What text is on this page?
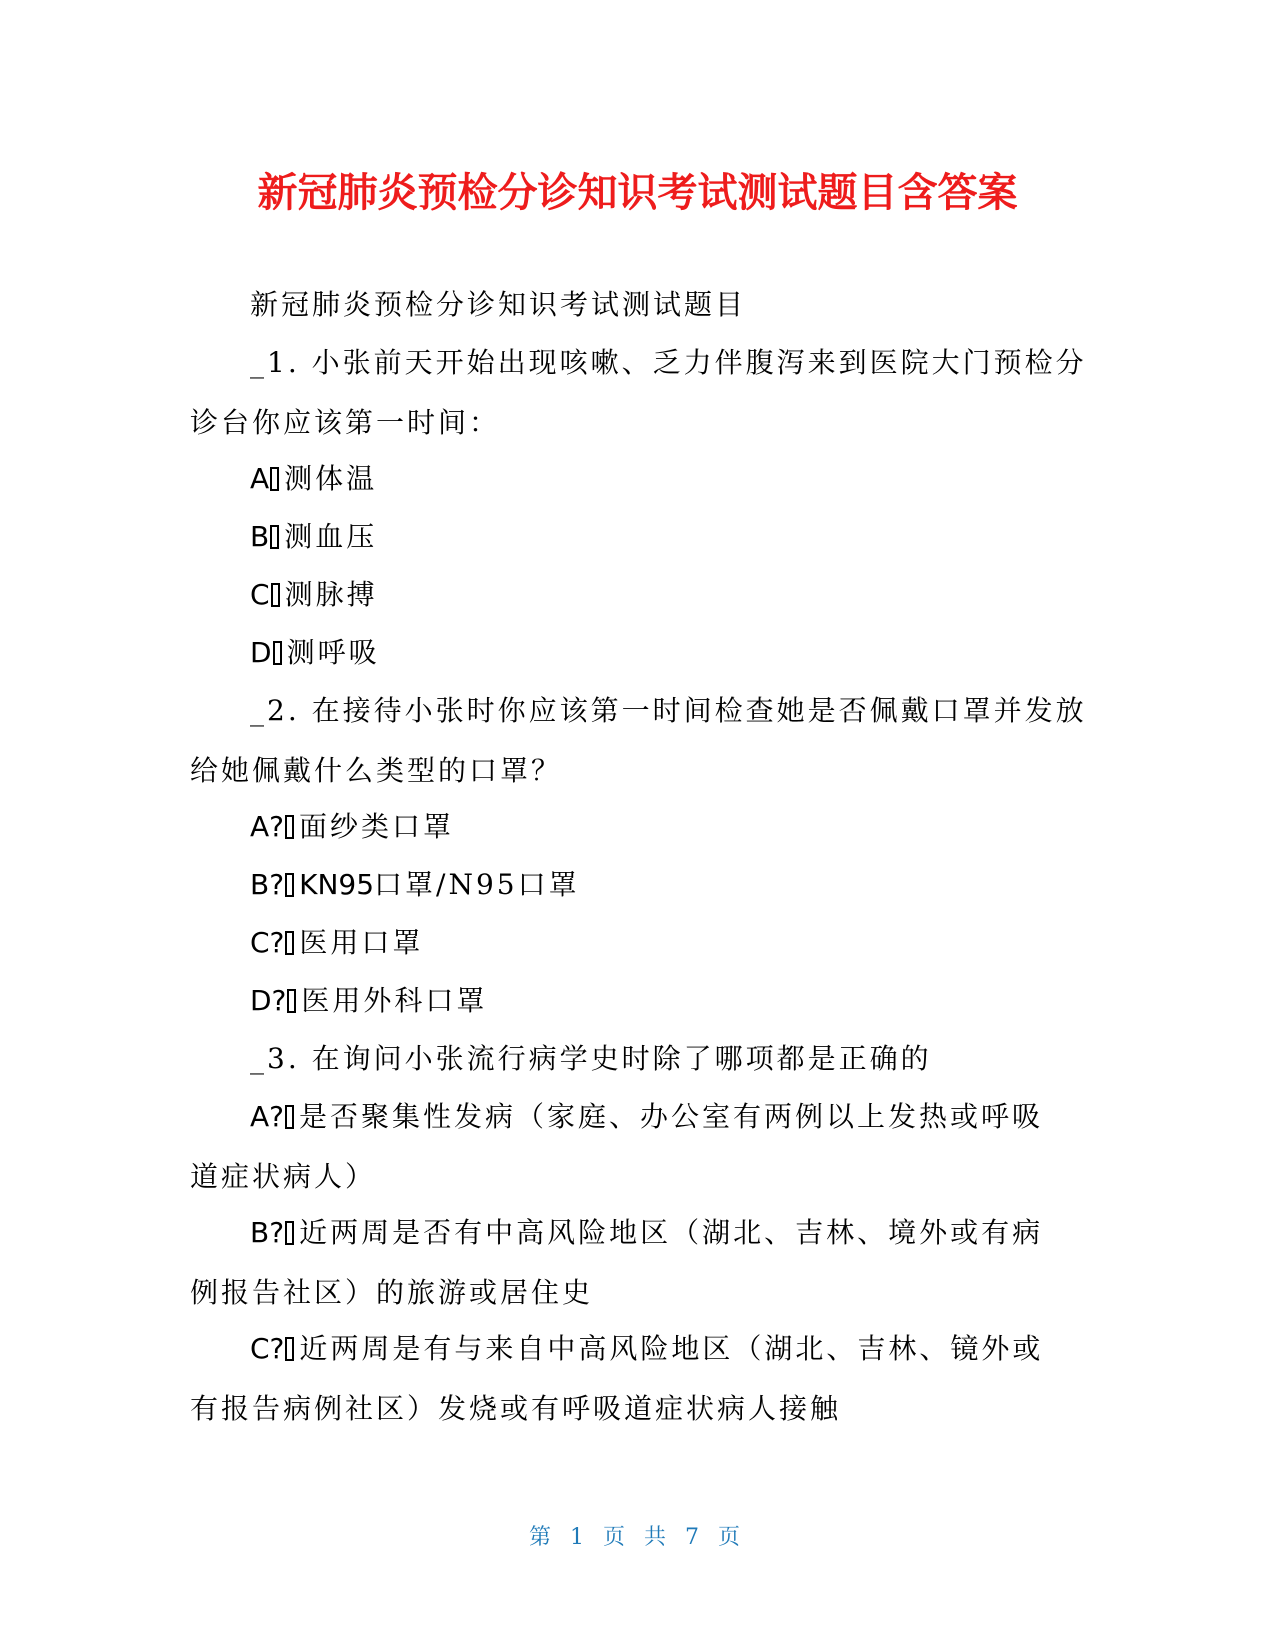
新冠肺炎预检分诊知识考试测试题目含答案

新冠肺炎预检分诊知识考试测试题目

_1. 小张前天开始出现咳嗽、乏力伴腹泻来到医院大门预检分
诊台你应该第一时间：

A 测体温

B 测血压

C 测脉搏

D 测呼吸

_2. 在接待小张时你应该第一时间检查她是否佩戴口罩并发放
给她佩戴什么类型的口罩？

A? 面纱类口罩

B? KN95口罩/N95口罩

C? 医用口罩

D? 医用外科口罩

_3. 在询问小张流行病学史时除了哪项都是正确的

A? 是否聚集性发病（家庭、办公室有两例以上发热或呼吸
道症状病人）

B? 近两周是否有中高风险地区（湖北、吉林、境外或有病
例报告社区）的旅游或居住史

C? 近两周是有与来自中高风险地区（湖北、吉林、镜外或
有报告病例社区）发烧或有呼吸道症状病人接触

第 1 页 共 7 页
